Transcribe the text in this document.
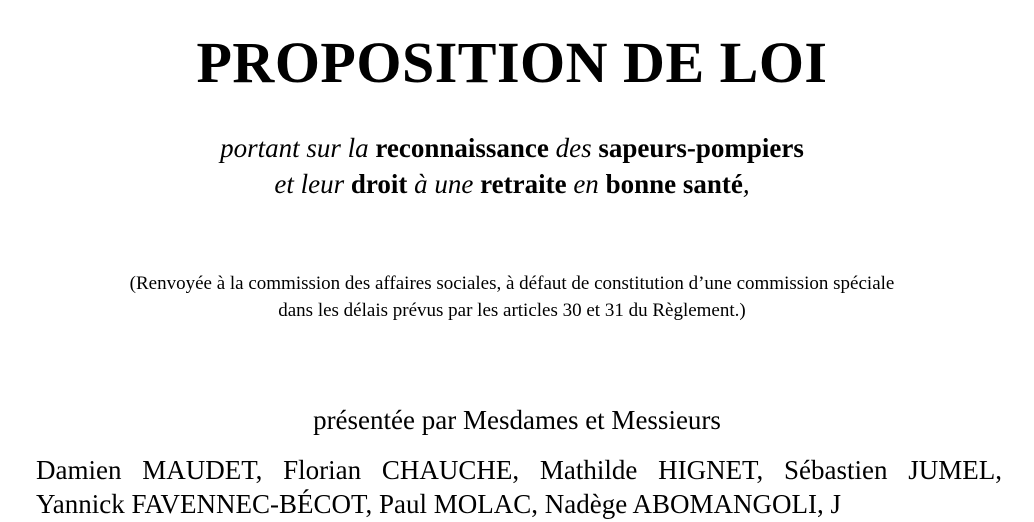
PROPOSITION DE LOI
portant sur la reconnaissance des sapeurs-pompiers
et leur droit à une retraite en bonne santé,
(Renvoyée à la commission des affaires sociales, à défaut de constitution d’une commission spéciale
dans les délais prévus par les articles 30 et 31 du Règlement.)
présentée par Mesdames et Messieurs
Damien MAUDET, Florian CHAUCHE, Mathilde HIGNET, Sébastien JUMEL,
Yannick FAVENNEC-BÉCOT, Paul MOLAC, Nadège ABOMANGOLI, J
